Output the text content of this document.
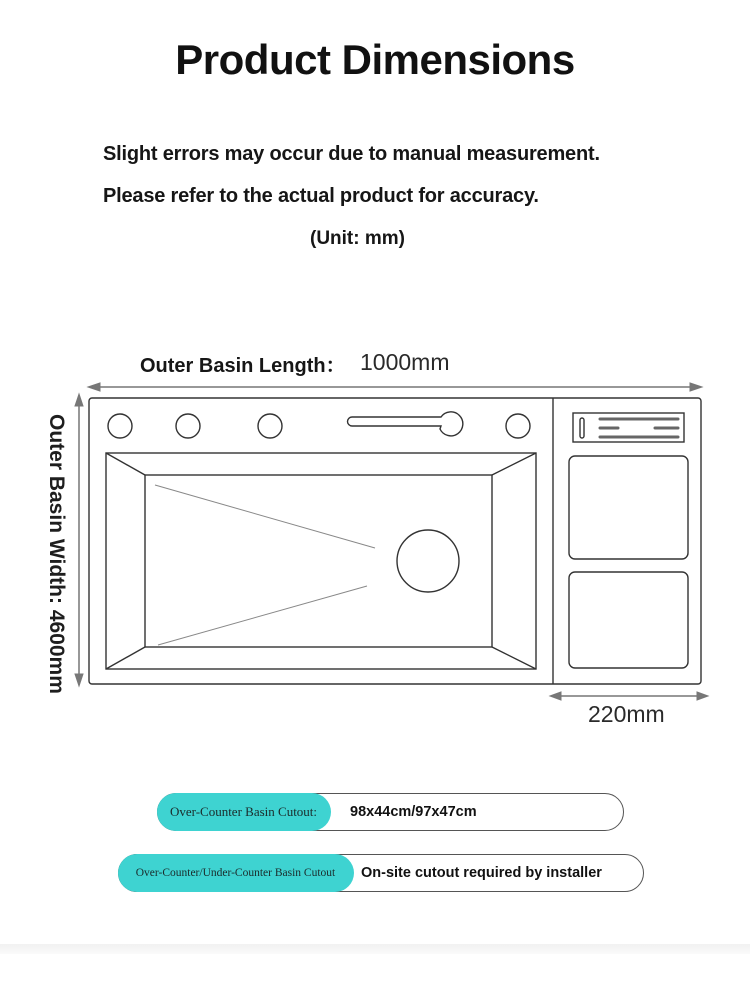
Product Dimensions
Slight errors may occur due to manual measurement.
Please refer to the actual product for accuracy.
(Unit: mm)
Outer Basin Length： 1000mm
Outer Basin Width: 4600mm
220mm
Over-Counter Basin Cutout:	98x44cm/97x47cm
Over-Counter/Under-Counter Basin Cutout	On-site cutout required by installer
